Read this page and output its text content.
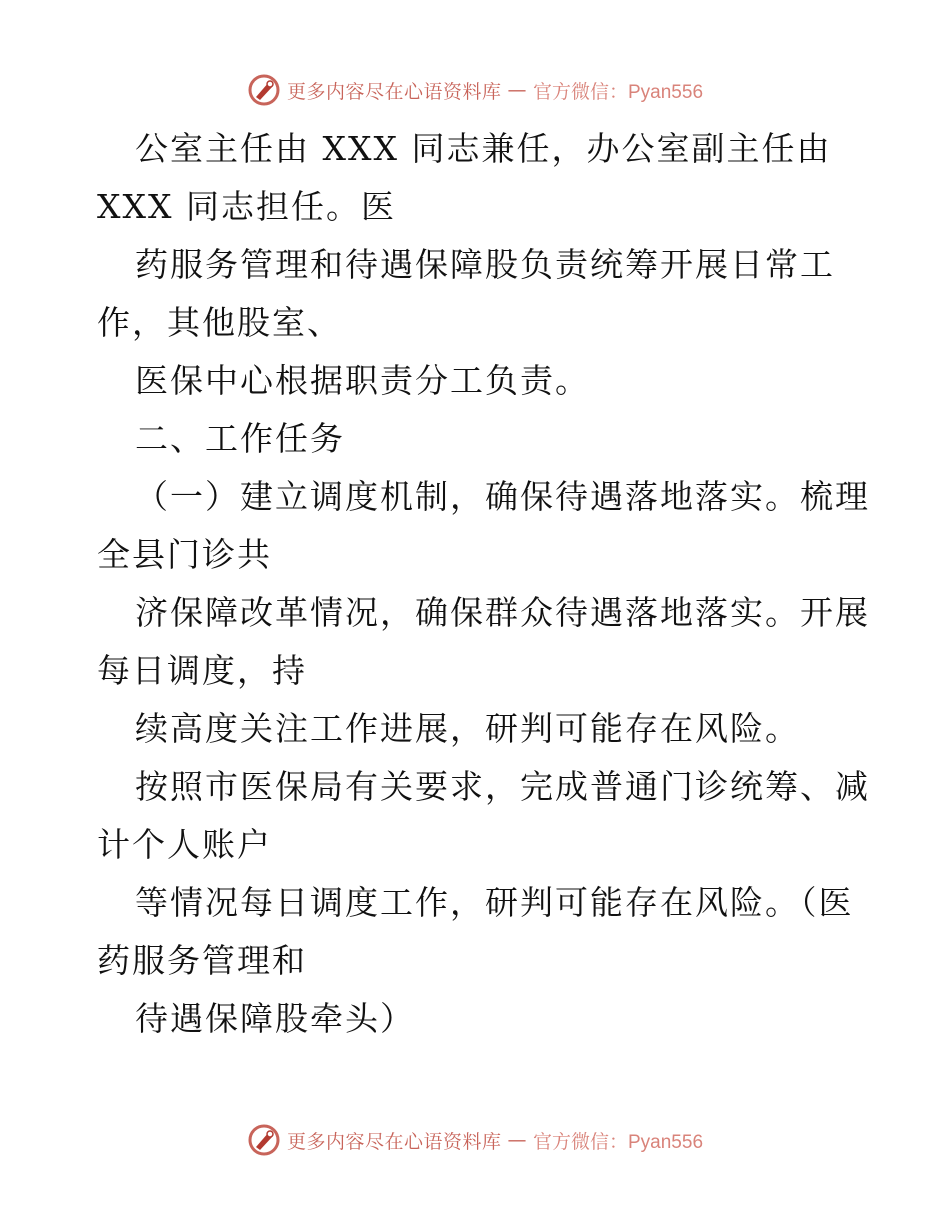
更多内容尽在心语资料库 — 官方微信：Pyan556
公室主任由 XXX 同志兼任，办公室副主任由
XXX 同志担任。医
药服务管理和待遇保障股负责统筹开展日常工
作，其他股室、
医保中心根据职责分工负责。
二、工作任务
（一）建立调度机制，确保待遇落地落实。梳理
全县门诊共
济保障改革情况，确保群众待遇落地落实。开展
每日调度，持
续高度关注工作进展，研判可能存在风险。
按照市医保局有关要求，完成普通门诊统筹、减
计个人账户
等情况每日调度工作，研判可能存在风险。（医
药服务管理和
待遇保障股牵头）
更多内容尽在心语资料库 — 官方微信：Pyan556
